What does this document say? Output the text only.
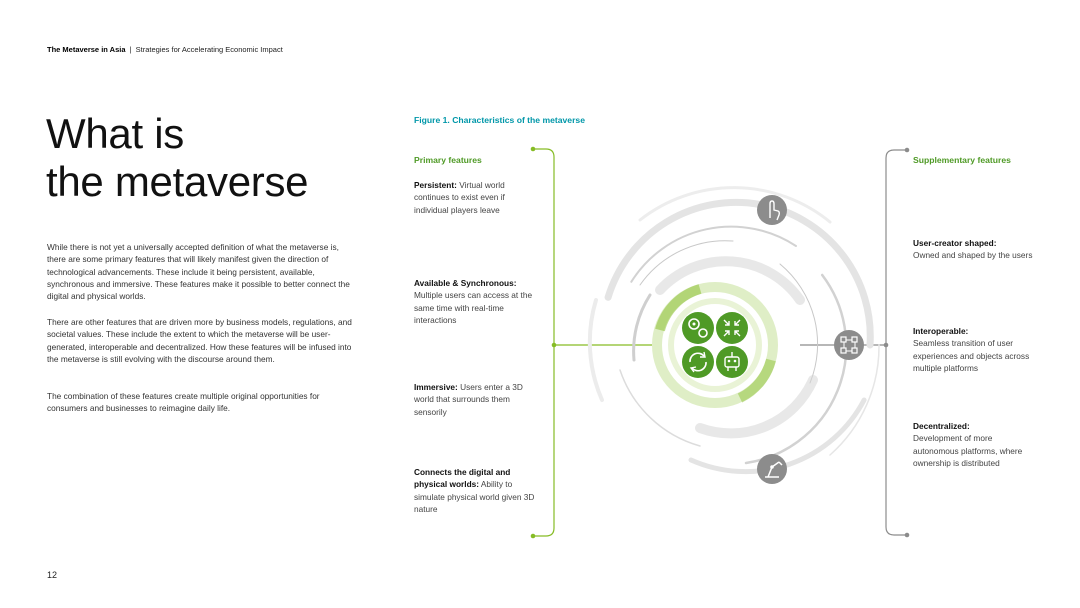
The Metaverse in Asia | Strategies for Accelerating Economic Impact
What is
the metaverse

While there is not yet a universally accepted definition of what the metaverse is, there are some primary features that will likely manifest given the direction of technological advancements. These include it being persistent, available, synchronous and immersive. These features make it possible to better connect the digital and physical worlds.

There are other features that are driven more by business models, regulations, and societal values. These include the extent to which the metaverse will be user-generated, interoperable and decentralized. How these features will be infused into the metaverse is still evolving with the discourse around them.

The combination of these features create multiple original opportunities for consumers and businesses to reimagine daily life.

12
Figure 1. Characteristics of the metaverse
Primary features	Supplementary features
Persistent: Virtual world continues to exist even if individual players leave
Available & Synchronous:
Multiple users can access at the same time with real-time interactions
Immersive: Users enter a 3D world that surrounds them sensorily
Connects the digital and physical worlds: Ability to simulate physical world given 3D nature
User-creator shaped:
Owned and shaped by the users
Interoperable:
Seamless transition of user experiences and objects across multiple platforms
Decentralized:
Development of more autonomous platforms, where ownership is distributed
